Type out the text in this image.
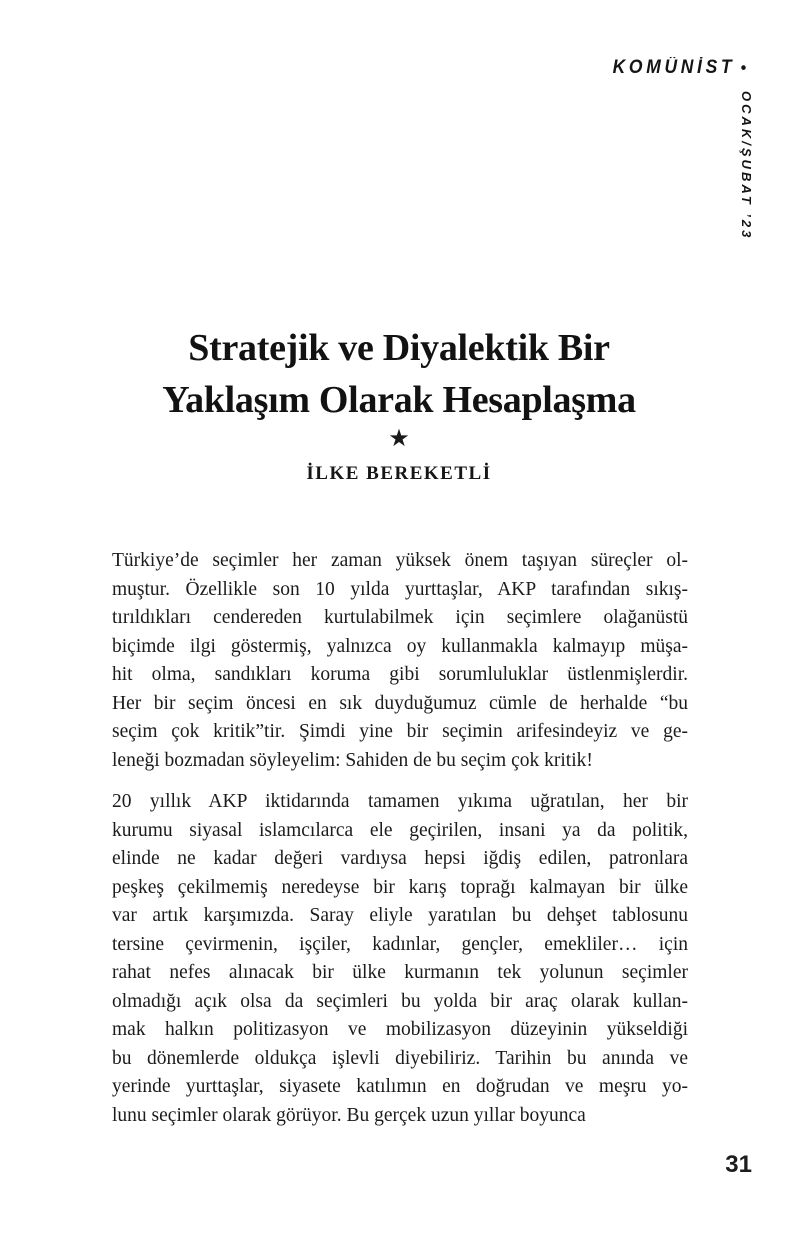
KOMÜNİST •
OCAK/ŞUBAT ’23
Stratejik ve Diyalektik Bir
Yaklaşım Olarak Hesaplaşma
★
İLKE BEREKETLİ
Türkiye’de seçimler her zaman yüksek önem taşıyan süreçler ol-
muştur. Özellikle son 10 yılda yurttaşlar, AKP tarafından sıkış-
tırıldıkları cendereden kurtulabilmek için seçimlere olağanüstü
biçimde ilgi göstermiş, yalnızca oy kullanmakla kalmayıp müşa-
hit olma, sandıkları koruma gibi sorumluluklar üstlenmişlerdir.
Her bir seçim öncesi en sık duyduğumuz cümle de herhalde “bu
seçim çok kritik”tir. Şimdi yine bir seçimin arifesindeyiz ve ge-
leneği bozmadan söyleyelim: Sahiden de bu seçim çok kritik!
20 yıllık AKP iktidarında tamamen yıkıma uğratılan, her bir
kurumu siyasal islamcılarca ele geçirilen, insani ya da politik,
elinde ne kadar değeri vardıysa hepsi iğdiş edilen, patronlara
peşkeş çekilmemiş neredeyse bir karış toprağı kalmayan bir ülke
var artık karşımızda. Saray eliyle yaratılan bu dehşet tablosunu
tersine çevirmenin, işçiler, kadınlar, gençler, emekliler… için
rahat nefes alınacak bir ülke kurmanın tek yolunun seçimler
olmadığı açık olsa da seçimleri bu yolda bir araç olarak kullan-
mak halkın politizasyon ve mobilizasyon düzeyinin yükseldiği
bu dönemlerde oldukça işlevli diyebiliriz. Tarihin bu anında ve
yerinde yurttaşlar, siyasete katılımın en doğrudan ve meşru yo-
lunu seçimler olarak görüyor. Bu gerçek uzun yıllar boyunca
31
